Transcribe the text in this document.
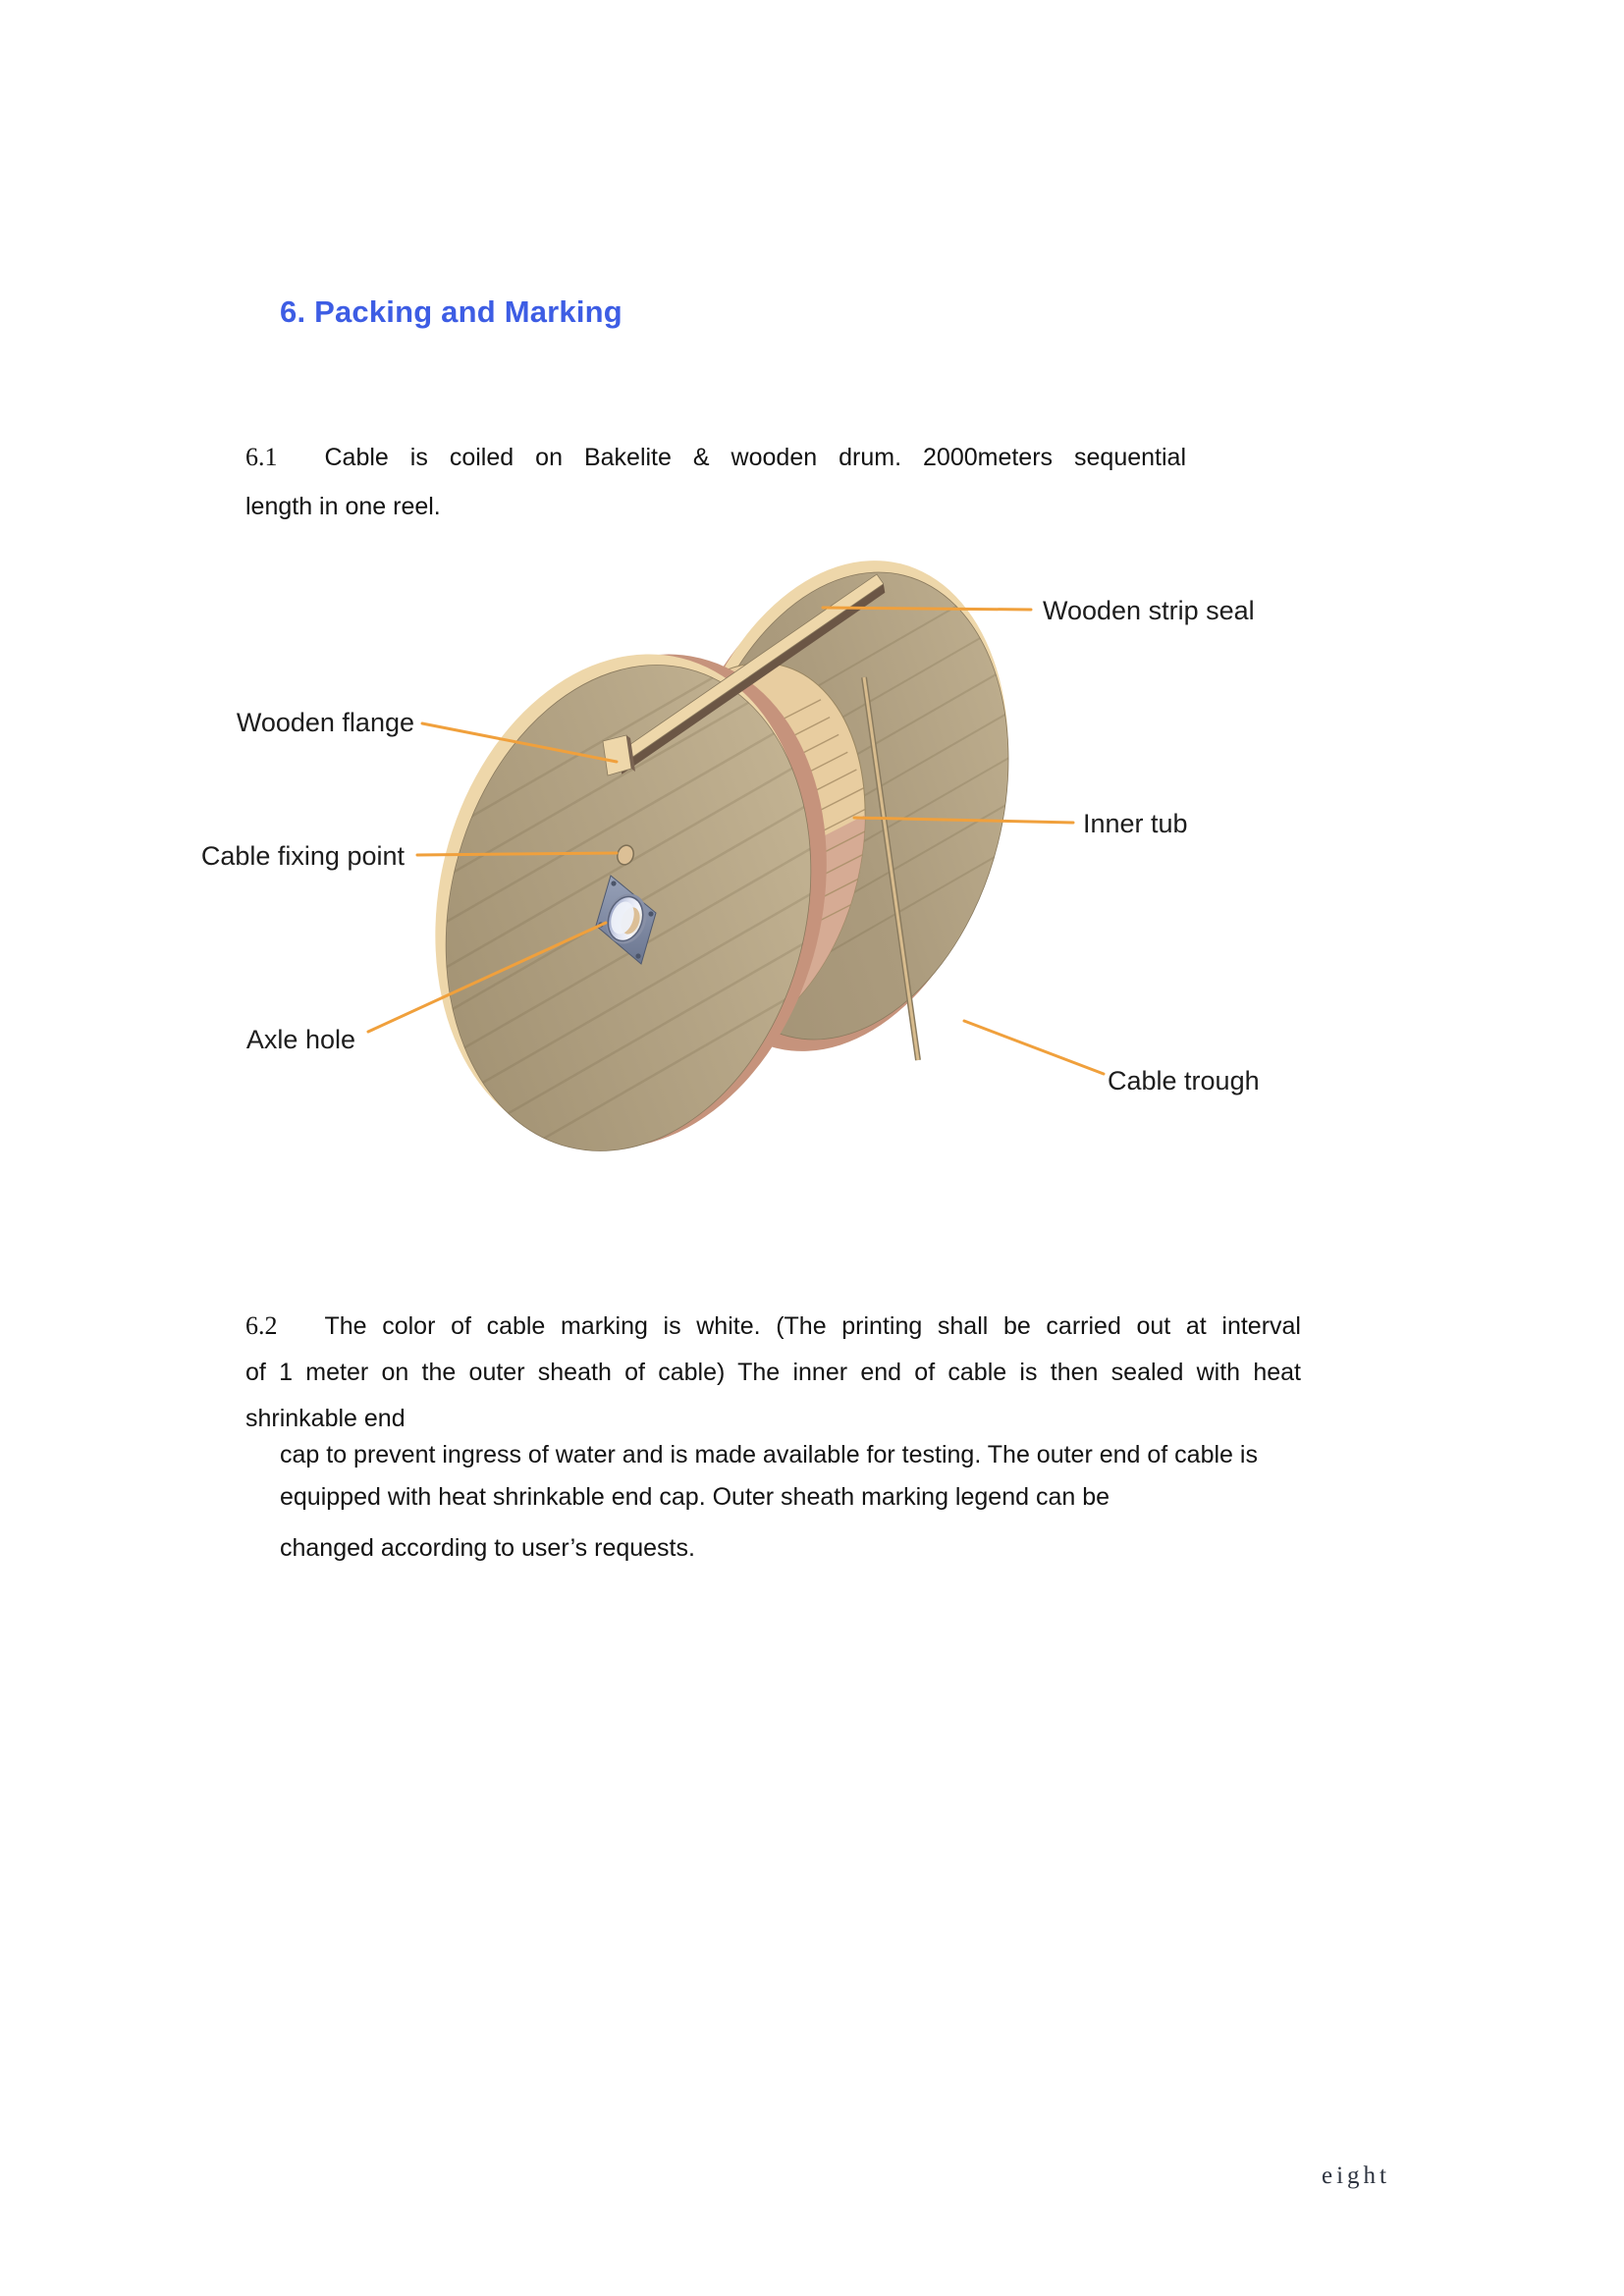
6. Packing and Marking
6.1 Cable is coiled on Bakelite & wooden drum. 2000meters sequential
length in one reel.
Wooden flange
Cable fixing point
Axle hole
Wooden strip seal
Inner tub
Cable trough
6.2 The color of cable marking is white. (The printing shall be carried out at interval
of 1 meter on the outer sheath of cable) The inner end of cable is then sealed with heat
shrinkable end
cap to prevent ingress of water and is made available for testing. The outer end of cable is
equipped with heat shrinkable end cap. Outer sheath marking legend can be
changed according to user’s requests.
eight
